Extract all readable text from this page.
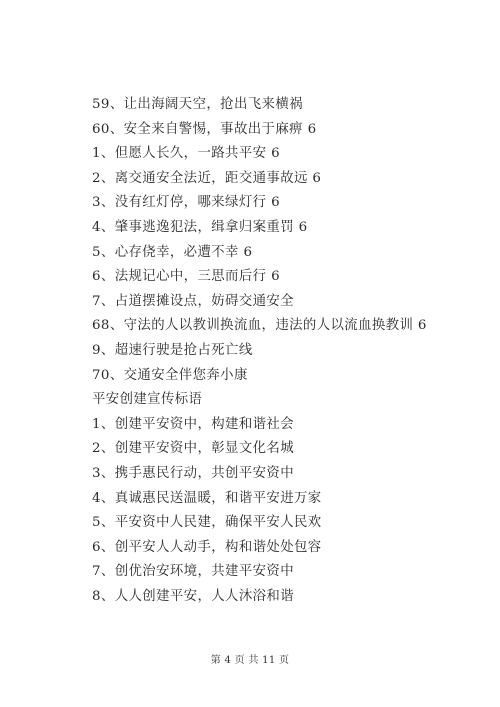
59、让出海阔天空，抢出飞来横祸
60、安全来自警惕，事故出于麻痹 6
1、但愿人长久，一路共平安 6
2、离交通安全法近，距交通事故远 6
3、没有红灯停，哪来绿灯行 6
4、肇事逃逸犯法，缉拿归案重罚 6
5、心存侥幸，必遭不幸 6
6、法规记心中，三思而后行 6
7、占道摆摊设点，妨碍交通安全
68、守法的人以教训换流血，违法的人以流血换教训 6
9、超速行驶是抢占死亡线
70、交通安全伴您奔小康
平安创建宣传标语
1、创建平安资中，构建和谐社会
2、创建平安资中，彰显文化名城
3、携手惠民行动，共创平安资中
4、真诚惠民送温暖，和谐平安进万家
5、平安资中人民建，确保平安人民欢
6、创平安人人动手，构和谐处处包容
7、创优治安环境，共建平安资中
8、人人创建平安，人人沐浴和谐
第 4 页 共 11 页
